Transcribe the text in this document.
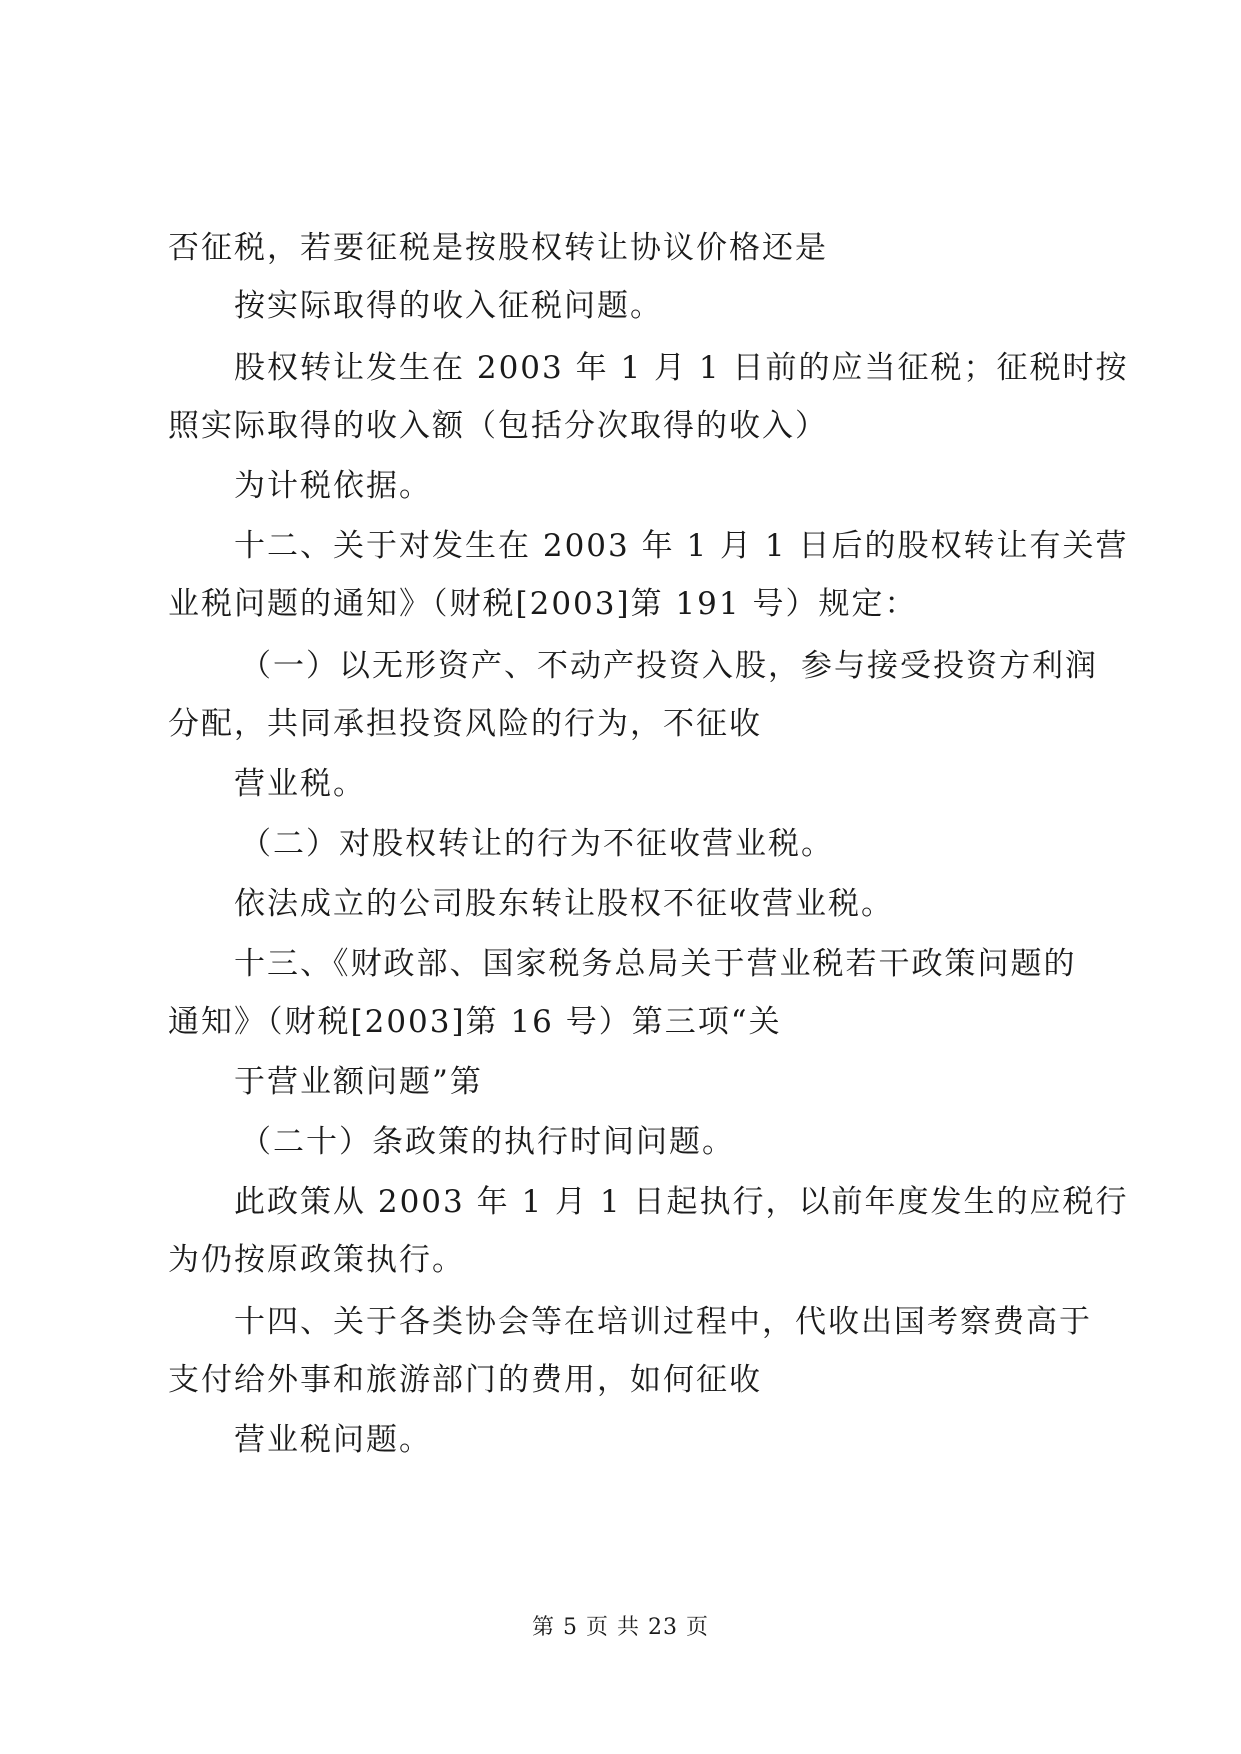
否征税，若要征税是按股权转让协议价格还是
按实际取得的收入征税问题。
股权转让发生在 2003 年 1 月 1 日前的应当征税；征税时按
照实际取得的收入额（包括分次取得的收入）
为计税依据。
十二、关于对发生在 2003 年 1 月 1 日后的股权转让有关营
业税问题的通知》（财税[2003]第 191 号）规定：
（一）以无形资产、不动产投资入股，参与接受投资方利润
分配，共同承担投资风险的行为，不征收
营业税。
（二）对股权转让的行为不征收营业税。
依法成立的公司股东转让股权不征收营业税。
十三、《财政部、国家税务总局关于营业税若干政策问题的
通知》（财税[2003]第 16 号）第三项“关
于营业额问题”第
（二十）条政策的执行时间问题。
此政策从 2003 年 1 月 1 日起执行，以前年度发生的应税行
为仍按原政策执行。
十四、关于各类协会等在培训过程中，代收出国考察费高于
支付给外事和旅游部门的费用，如何征收
营业税问题。
第 5 页 共 23 页
